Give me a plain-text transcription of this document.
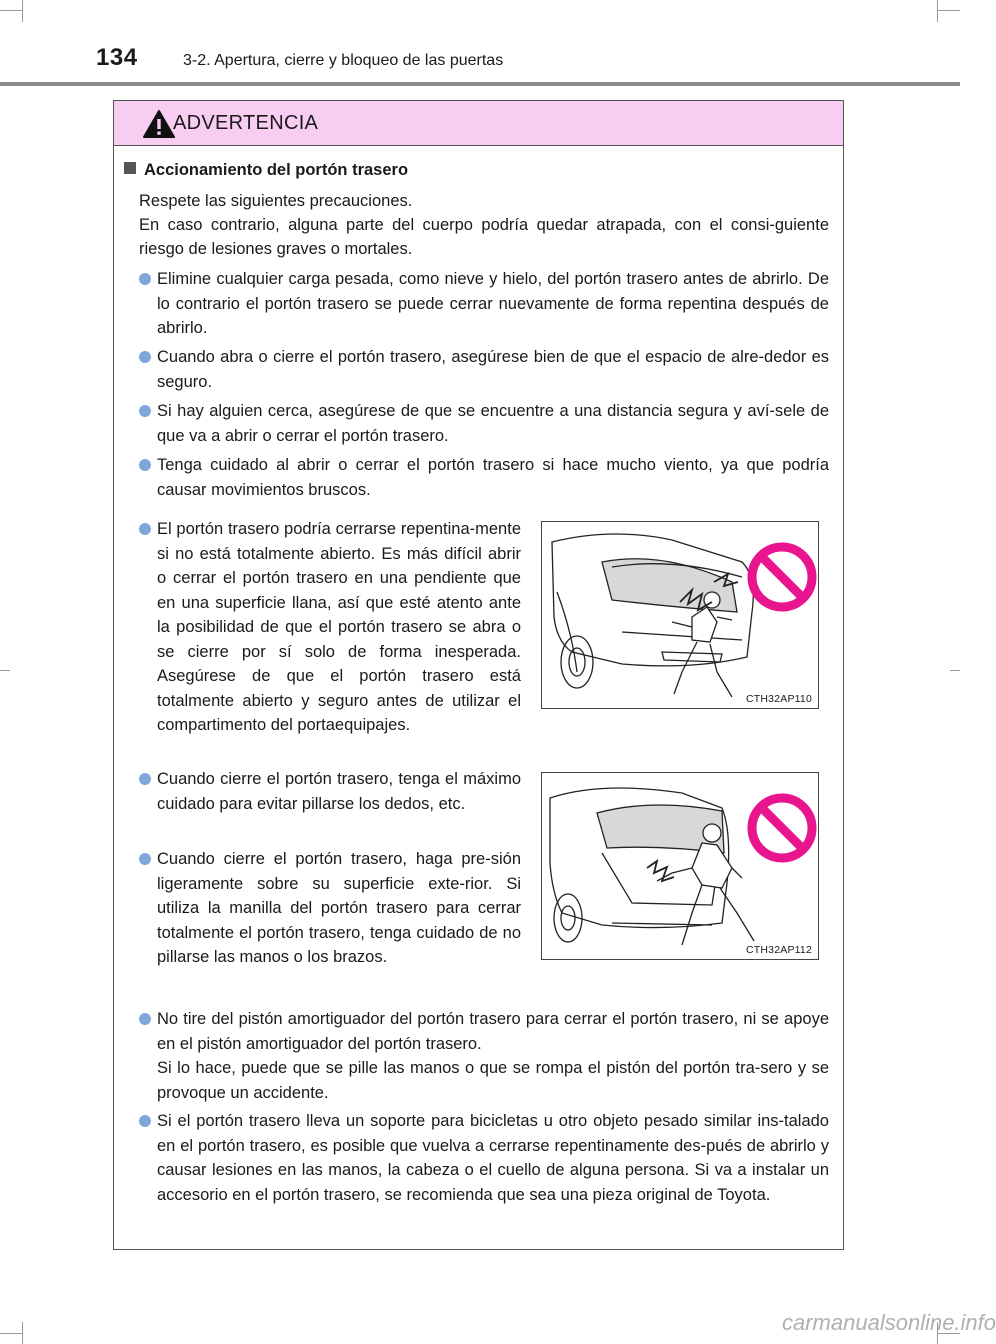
134	3-2. Apertura, cierre y bloqueo de las puertas
ADVERTENCIA
Accionamiento del portón trasero
Respete las siguientes precauciones.
En caso contrario, alguna parte del cuerpo podría quedar atrapada, con el consi-guiente riesgo de lesiones graves o mortales.
Elimine cualquier carga pesada, como nieve y hielo, del portón trasero antes de abrirlo. De lo contrario el portón trasero se puede cerrar nuevamente de forma repentina después de abrirlo.
Cuando abra o cierre el portón trasero, asegúrese bien de que el espacio de alre-dedor es seguro.
Si hay alguien cerca, asegúrese de que se encuentre a una distancia segura y aví-sele de que va a abrir o cerrar el portón trasero.
Tenga cuidado al abrir o cerrar el portón trasero si hace mucho viento, ya que podría causar movimientos bruscos.
El portón trasero podría cerrarse repentina-mente si no está totalmente abierto. Es más difícil abrir o cerrar el portón trasero en una pendiente que en una superficie llana, así que esté atento ante la posibilidad de que el portón trasero se abra o se cierre por sí solo de forma inesperada. Asegúrese de que el portón trasero está totalmente abierto y seguro antes de utilizar el compartimento del portaequipajes.
CTH32AP110
Cuando cierre el portón trasero, tenga el máximo cuidado para evitar pillarse los dedos, etc.
Cuando cierre el portón trasero, haga pre-sión ligeramente sobre su superficie exte-rior. Si utiliza la manilla del portón trasero para cerrar totalmente el portón trasero, tenga cuidado de no pillarse las manos o los brazos.	CTH32AP112
No tire del pistón amortiguador del portón trasero para cerrar el portón trasero, ni se apoye en el pistón amortiguador del portón trasero.
Si lo hace, puede que se pille las manos o que se rompa el pistón del portón tra-sero y se provoque un accidente.
Si el portón trasero lleva un soporte para bicicletas u otro objeto pesado similar ins-talado en el portón trasero, es posible que vuelva a cerrarse repentinamente des-pués de abrirlo y causar lesiones en las manos, la cabeza o el cuello de alguna persona. Si va a instalar un accesorio en el portón trasero, se recomienda que sea una pieza original de Toyota.
carmanualsonline.info
